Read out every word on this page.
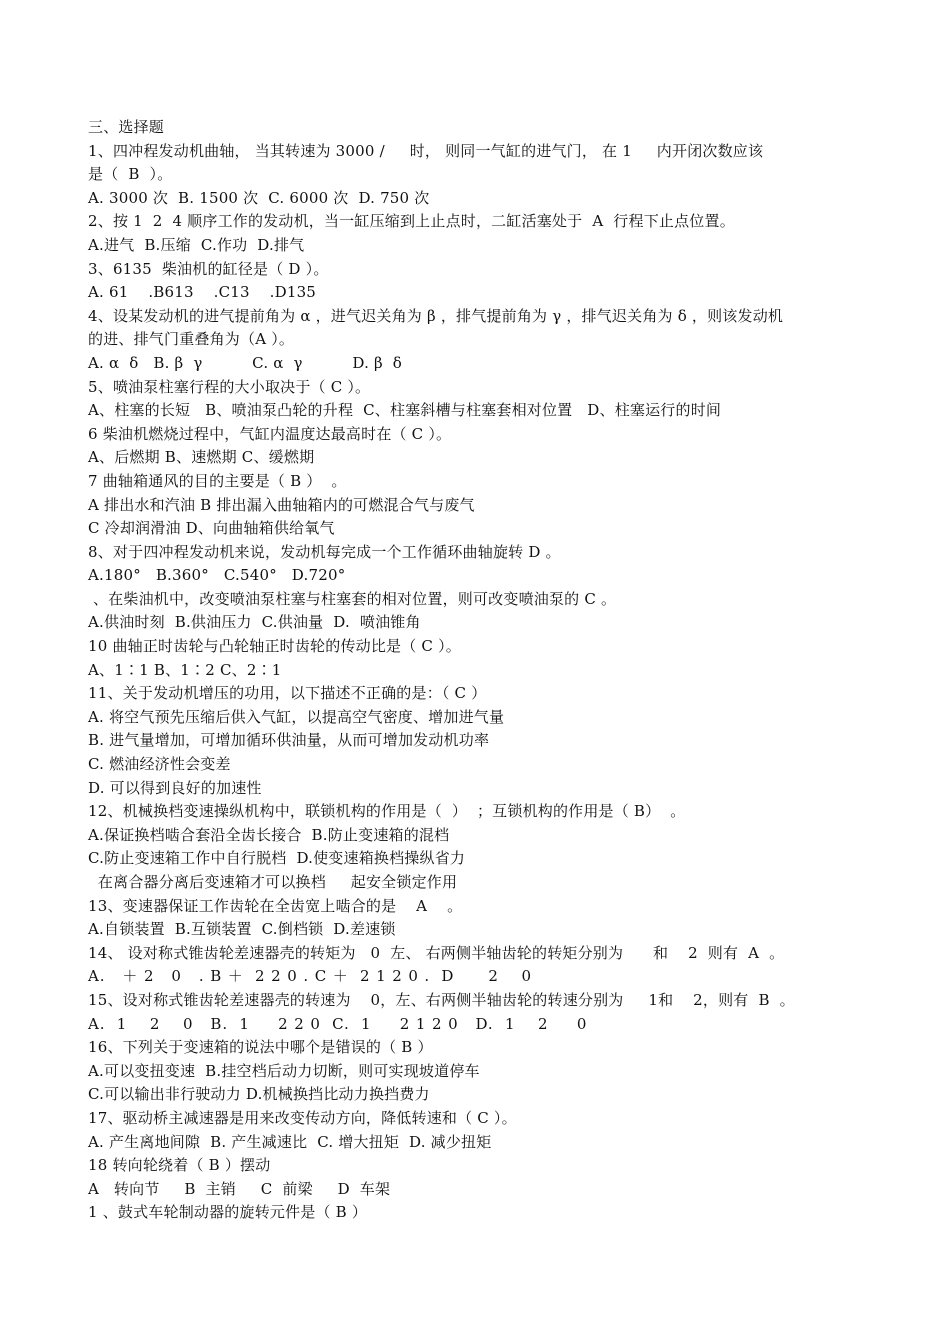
三、选择题
1、四冲程发动机曲轴， 当其转速为 3000 /     时， 则同一气缸的进气门， 在 1     内开闭次数应该
是（  B  ）。
A. 3000 次  B. 1500 次  C. 6000 次  D. 750 次
2、按 1  2  4 顺序工作的发动机，当一缸压缩到上止点时，二缸活塞处于  A  行程下止点位置。
A.进气  B.压缩  C.作功  D.排气
3、6135  柴油机的缸径是（ D ）。
A. 61    .B613    .C13    .D135
4、设某发动机的进气提前角为 α ，进气迟关角为 β ，排气提前角为 γ ，排气迟关角为 δ ，则该发动机
的进、排气门重叠角为（A ）。
A. α  δ   B. β  γ          C. α  γ          D. β  δ
5、喷油泵柱塞行程的大小取决于（ C ）。
A、柱塞的长短   B、喷油泵凸轮的升程  C、柱塞斜槽与柱塞套相对位置   D、柱塞运行的时间
6 柴油机燃烧过程中，气缸内温度达最高时在（ C ）。
A、后燃期 B、速燃期 C、缓燃期
7 曲轴箱通风的目的主要是（ B ）  。
A 排出水和汽油 B 排出漏入曲轴箱内的可燃混合气与废气
C 冷却润滑油 D、向曲轴箱供给氧气
8、对于四冲程发动机来说，发动机每完成一个工作循环曲轴旋转 D 。
A.180°   B.360°   C.540°   D.720°
、在柴油机中，改变喷油泵柱塞与柱塞套的相对位置，则可改变喷油泵的 C 。
A.供油时刻  B.供油压力  C.供油量  D.  喷油锥角
10 曲轴正时齿轮与凸轮轴正时齿轮的传动比是（ C ）。
A、1∶1 B、1∶2 C、2∶1
11、关于发动机增压的功用，以下描述不正确的是：（ C ）
A. 将空气预先压缩后供入气缸，以提高空气密度、增加进气量
B. 进气量增加，可增加循环供油量，从而可增加发动机功率
C. 燃油经济性会变差
D. 可以得到良好的加速性
12、机械换档变速操纵机构中，联锁机构的作用是（  ）  ；互锁机构的作用是（ B）  。
A.保证换档啮合套沿全齿长接合  B.防止变速箱的混档
C.防止变速箱工作中自行脱档  D.使变速箱换档操纵省力
在离合器分离后变速箱才可以换档     起安全锁定作用
13、变速器保证工作齿轮在全齿宽上啮合的是    A    。
A.自锁装置  B.互锁装置  C.倒档锁  D.差速锁
14、 设对称式锥齿轮差速器壳的转矩为   0  左、 右两侧半轴齿轮的转矩分别为      和    2  则有  A  。
A.   ＋ 2   0   . B ＋  2 2 0 . C ＋  2 1 2 0 .  D      2    0
15、设对称式锥齿轮差速器壳的转速为    0，左、右两侧半轴齿轮的转速分别为     1和    2，则有  B  。
A.  1    2    0   B.  1     2 2 0  C.  1     2 1 2 0   D.  1    2     0
16、下列关于变速箱的说法中哪个是错误的（ B ）
A.可以变扭变速  B.挂空档后动力切断，则可实现坡道停车
C.可以输出非行驶动力 D.机械换挡比动力换挡费力
17、驱动桥主减速器是用来改变传动方向，降低转速和（ C ）。
A. 产生离地间隙  B. 产生减速比  C. 增大扭矩  D. 减少扭矩
18 转向轮绕着（ B ）摆动
A   转向节     B  主销     C  前梁     D  车架
1 、鼓式车轮制动器的旋转元件是（ B ）
